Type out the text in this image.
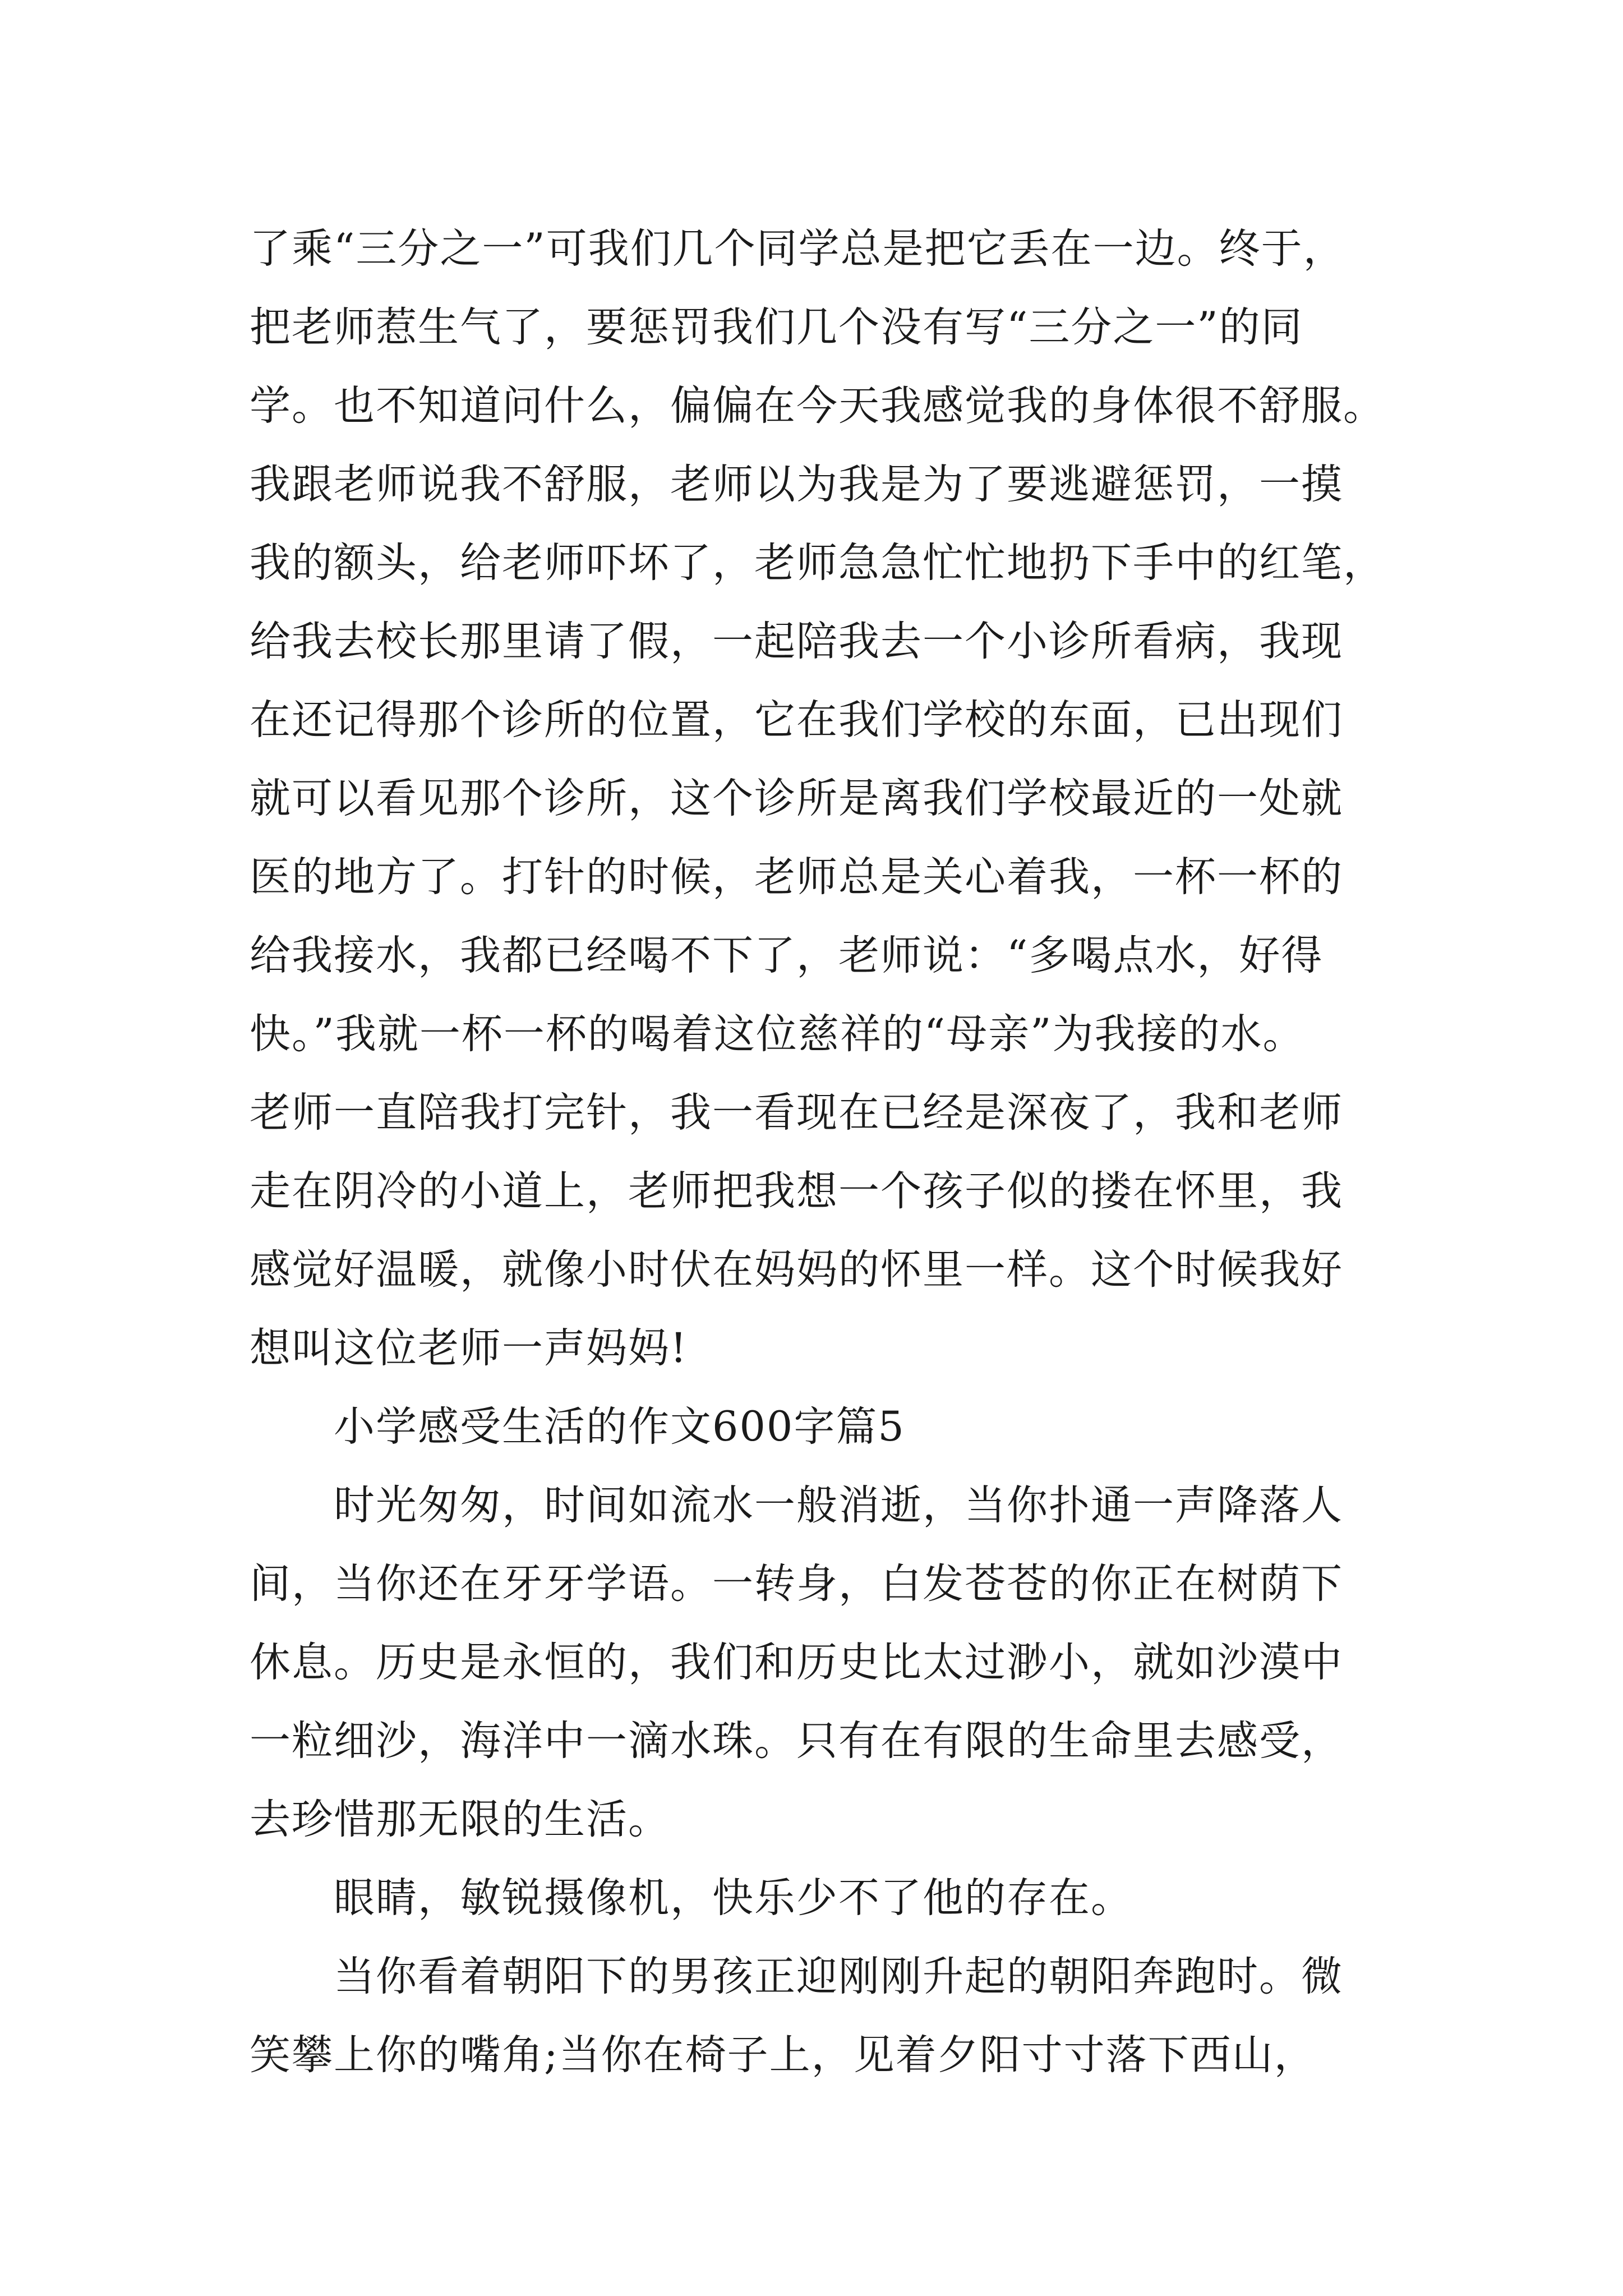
了乘“三分之一”可我们几个同学总是把它丢在一边。终于，
把老师惹生气了，要惩罚我们几个没有写“三分之一”的同
学。也不知道问什么，偏偏在今天我感觉我的身体很不舒服。
我跟老师说我不舒服，老师以为我是为了要逃避惩罚，一摸
我的额头，给老师吓坏了，老师急急忙忙地扔下手中的红笔，
给我去校长那里请了假，一起陪我去一个小诊所看病，我现
在还记得那个诊所的位置，它在我们学校的东面，已出现们
就可以看见那个诊所，这个诊所是离我们学校最近的一处就
医的地方了。打针的时候，老师总是关心着我，一杯一杯的
给我接水，我都已经喝不下了，老师说：“多喝点水，好得
快。”我就一杯一杯的喝着这位慈祥的“母亲”为我接的水。
老师一直陪我打完针，我一看现在已经是深夜了，我和老师
走在阴冷的小道上，老师把我想一个孩子似的搂在怀里，我
感觉好温暖，就像小时伏在妈妈的怀里一样。这个时候我好
想叫这位老师一声妈妈!
小学感受生活的作文600字篇5
时光匆匆，时间如流水一般消逝，当你扑通一声降落人
间，当你还在牙牙学语。一转身，白发苍苍的你正在树荫下
休息。历史是永恒的，我们和历史比太过渺小，就如沙漠中
一粒细沙，海洋中一滴水珠。只有在有限的生命里去感受，
去珍惜那无限的生活。
眼睛，敏锐摄像机，快乐少不了他的存在。
当你看着朝阳下的男孩正迎刚刚升起的朝阳奔跑时。微
笑攀上你的嘴角;当你在椅子上，见着夕阳寸寸落下西山，
